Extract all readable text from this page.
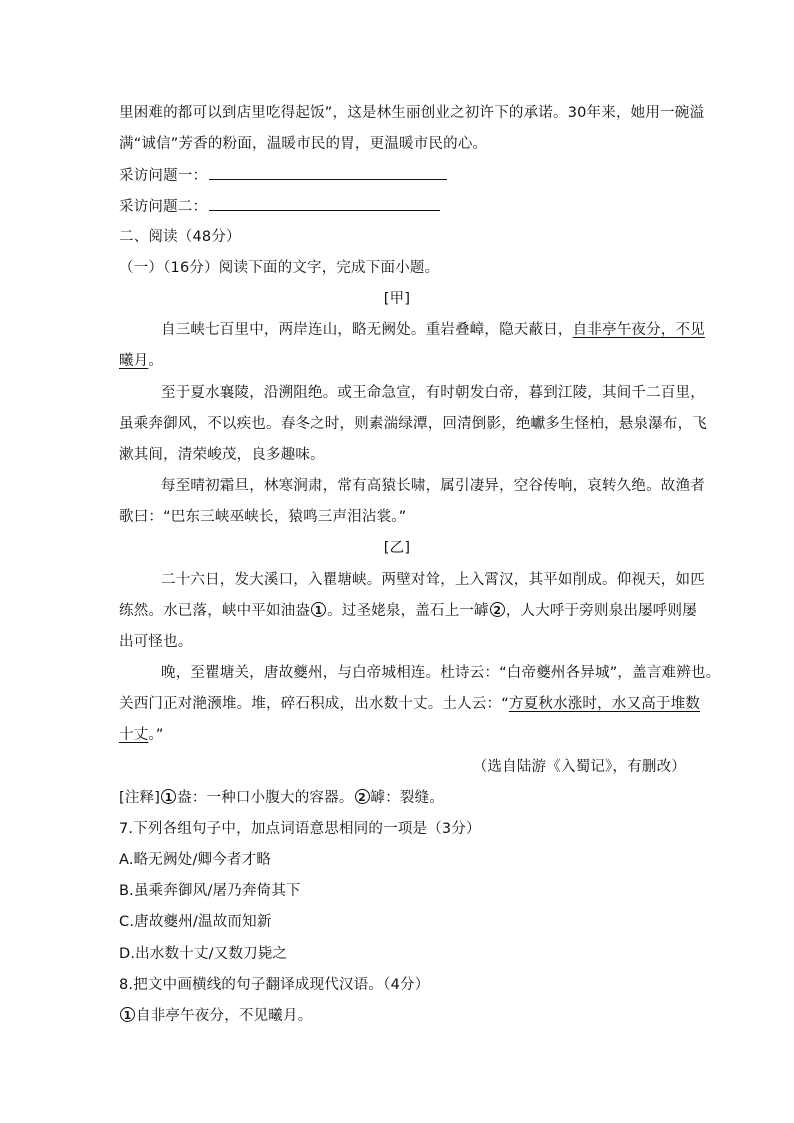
里困难的都可以到店里吃得起饭”，这是林生丽创业之初许下的承诺。30年来，她用一碗溢
满“诚信”芳香的粉面，温暖市民的胃，更温暖市民的心。
采访问题一：
采访问题二：
二、阅读（48分）
（一）（16分）阅读下面的文字，完成下面小题。
[甲]
自三峡七百里中，两岸连山，略无阙处。重岩叠嶂，隐天蔽日，自非亭午夜分，不见
曦月。
至于夏水襄陵，沿溯阻绝。或王命急宣，有时朝发白帝，暮到江陵，其间千二百里，
虽乘奔御风，不以疾也。春冬之时，则素湍绿潭，回清倒影，绝巘多生怪柏，悬泉瀑布，飞
漱其间，清荣峻茂，良多趣味。
每至晴初霜旦，林寒涧肃，常有高猿长啸，属引凄异，空谷传响，哀转久绝。故渔者
歌曰：“巴东三峡巫峡长，猿鸣三声泪沾裳。”
[乙]
二十六日，发大溪口，入瞿塘峡。两壁对耸，上入霄汉，其平如削成。仰视天，如匹
练然。水已落，峡中平如油盎 1 。过圣姥泉，盖石上一罅 2 ，人大呼于旁则泉出屡呼则屡
出可怪也。
晚，至瞿塘关，唐故夔州，与白帝城相连。杜诗云：“白帝夔州各异城”，盖言难辨也。
关西门正对滟滪堆。堆，碎石积成，出水数十丈。土人云：“方夏秋水涨时，水又高于堆数
十丈。”
（选自陆游《入蜀记》，有删改）
[注释] 1 盎：一种口小腹大的容器。 2 罅：裂缝。
7.下列各组句子中，加点词语意思相同的一项是（3分）
A.略无阙处/卿今者才略
B.虽乘奔御风/屠乃奔倚其下
C.唐故夔州/温故而知新
D.出水数十丈/又数刀毙之
8.把文中画横线的句子翻译成现代汉语。（4分）
1 自非亭午夜分，不见曦月。
